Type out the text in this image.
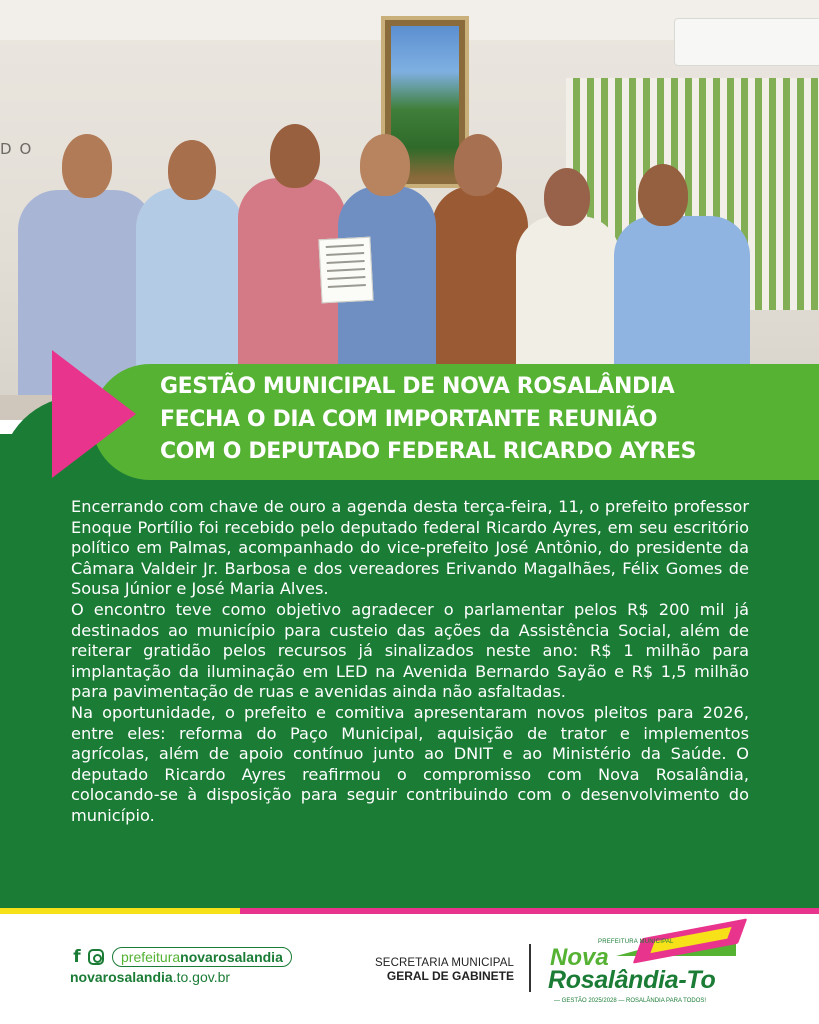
DO
GESTÃO MUNICIPAL DE NOVA ROSALÂNDIA
FECHA O DIA COM IMPORTANTE REUNIÃO
COM O DEPUTADO FEDERAL RICARDO AYRES

Encerrando com chave de ouro a agenda desta terça-feira, 11, o prefeito professor Enoque Portílio foi recebido pelo deputado federal Ricardo Ayres, em seu escritório político em Palmas, acompanhado do vice-prefeito José Antônio, do presidente da Câmara Valdeir Jr. Barbosa e dos vereadores Erivando Magalhães, Félix Gomes de Sousa Júnior e José Maria Alves.

O encontro teve como objetivo agradecer o parlamentar pelos R$ 200 mil já destinados ao município para custeio das ações da Assistência Social, além de reiterar gratidão pelos recursos já sinalizados neste ano: R$ 1 milhão para implantação da iluminação em LED na Avenida Bernardo Sayão e R$ 1,5 milhão para pavimentação de ruas e avenidas ainda não asfaltadas.

Na oportunidade, o prefeito e comitiva apresentaram novos pleitos para 2026, entre eles: reforma do Paço Municipal, aquisição de trator e implementos agrícolas, além de apoio contínuo junto ao DNIT e ao Ministério da Saúde. O deputado Ricardo Ayres reafirmou o compromisso com Nova Rosalândia, colocando-se à disposição para seguir contribuindo com o desenvolvimento do município.

f	prefeituranovarosalandia
novarosalandia.to.gov.br
SECRETARIA MUNICIPAL
GERAL DE GABINETE
PREFEITURA MUNICIPAL
Nova
Rosalândia-To
— GESTÃO 2025/2028 — ROSALÂNDIA PARA TODOS!
